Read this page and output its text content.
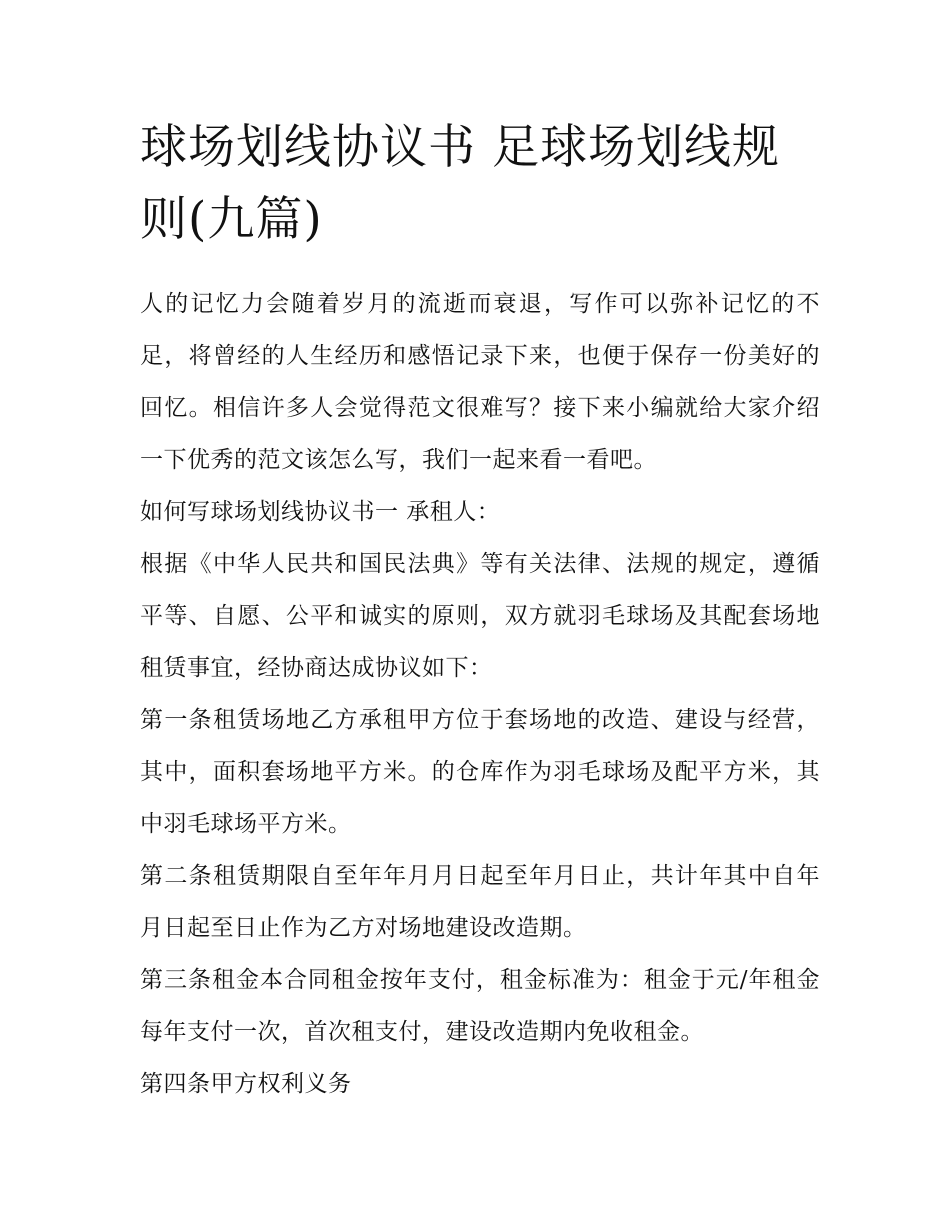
球场划线协议书 足球场划线规则(九篇)

人的记忆力会随着岁月的流逝而衰退，写作可以弥补记忆的不足，将曾经的人生经历和感悟记录下来，也便于保存一份美好的回忆。相信许多人会觉得范文很难写？接下来小编就给大家介绍一下优秀的范文该怎么写，我们一起来看一看吧。

如何写球场划线协议书一 承租人：

根据《中华人民共和国民法典》等有关法律、法规的规定，遵循平等、自愿、公平和诚实的原则，双方就羽毛球场及其配套场地租赁事宜，经协商达成协议如下：

第一条租赁场地乙方承租甲方位于套场地的改造、建设与经营，其中，面积套场地平方米。的仓库作为羽毛球场及配平方米，其中羽毛球场平方米。

第二条租赁期限自至年年月月日起至年月日止，共计年其中自年月日起至日止作为乙方对场地建设改造期。

第三条租金本合同租金按年支付，租金标准为：租金于元/年租金每年支付一次，首次租支付，建设改造期内免收租金。

第四条甲方权利义务
